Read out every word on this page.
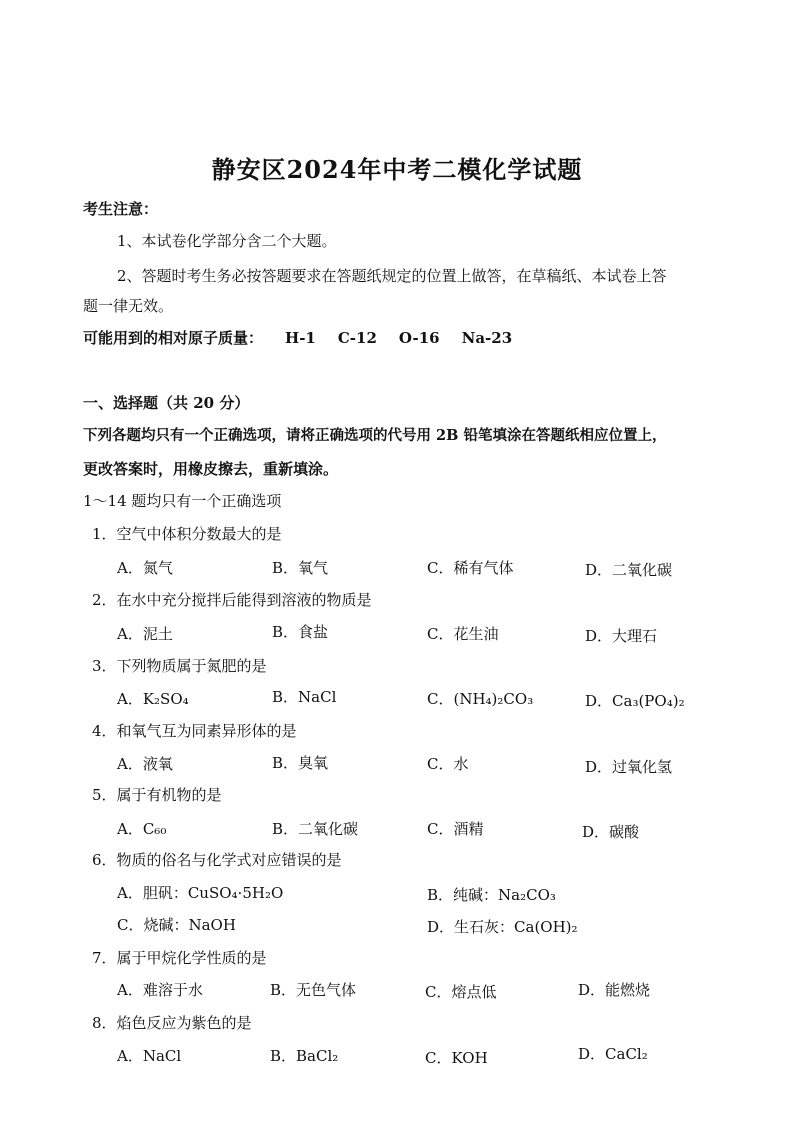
静安区2024年中考二模化学试题
考生注意：
1、本试卷化学部分含二个大题。
2、答题时考生务必按答题要求在答题纸规定的位置上做答，在草稿纸、本试卷上答
题一律无效。
可能用到的相对原子质量： H-1 C-12 O-16 Na-23
一、选择题（共 20 分）
下列各题均只有一个正确选项，请将正确选项的代号用 2B 铅笔填涂在答题纸相应位置上，
更改答案时，用橡皮擦去，重新填涂。
1～14 题均只有一个正确选项
1．空气中体积分数最大的是
A．氮气	B．氧气	C．稀有气体	D．二氧化碳
2．在水中充分搅拌后能得到溶液的物质是
A．泥土	B．食盐	C．花生油	D．大理石
3．下列物质属于氮肥的是
A．K₂SO₄	B．NaCl	C．(NH₄)₂CO₃	D．Ca₃(PO₄)₂
4．和氧气互为同素异形体的是
A．液氧	B．臭氧	C．水	D．过氧化氢
5．属于有机物的是
A．C₆₀	B．二氧化碳	C．酒精	D．碳酸
6．物质的俗名与化学式对应错误的是
A．胆矾：CuSO₄·5H₂O	B．纯碱：Na₂CO₃
C．烧碱：NaOH	D．生石灰：Ca(OH)₂
7．属于甲烷化学性质的是
A．难溶于水	B．无色气体	C．熔点低	D．能燃烧
8．焰色反应为紫色的是
A．NaCl	B．BaCl₂	C．KOH	D．CaCl₂
